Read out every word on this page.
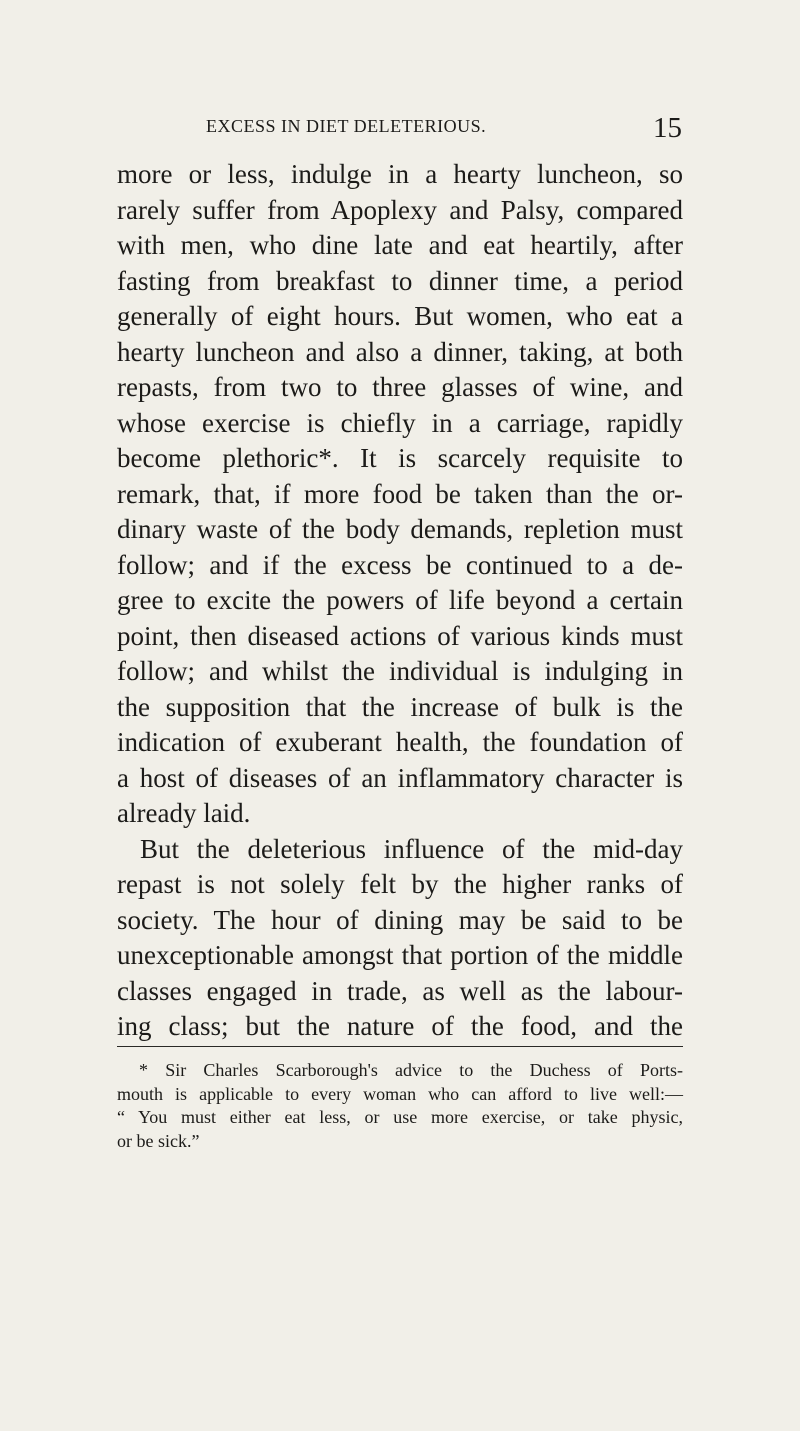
EXCESS IN DIET DELETERIOUS.	15
more or less, indulge in a hearty luncheon, so
rarely suffer from Apoplexy and Palsy, compared
with men, who dine late and eat heartily, after
fasting from breakfast to dinner time, a period
generally of eight hours. But women, who eat a
hearty luncheon and also a dinner, taking, at both
repasts, from two to three glasses of wine, and
whose exercise is chiefly in a carriage, rapidly
become plethoric*. It is scarcely requisite to
remark, that, if more food be taken than the or-
dinary waste of the body demands, repletion must
follow; and if the excess be continued to a de-
gree to excite the powers of life beyond a certain
point, then diseased actions of various kinds must
follow; and whilst the individual is indulging in
the supposition that the increase of bulk is the
indication of exuberant health, the foundation of
a host of diseases of an inflammatory character is
already laid.
But the deleterious influence of the mid-day
repast is not solely felt by the higher ranks of
society. The hour of dining may be said to be
unexceptionable amongst that portion of the middle
classes engaged in trade, as well as the labour-
ing class; but the nature of the food, and the
* Sir Charles Scarborough's advice to the Duchess of Ports-
mouth is applicable to every woman who can afford to live well:—
“ You must either eat less, or use more exercise, or take physic,
or be sick.”
